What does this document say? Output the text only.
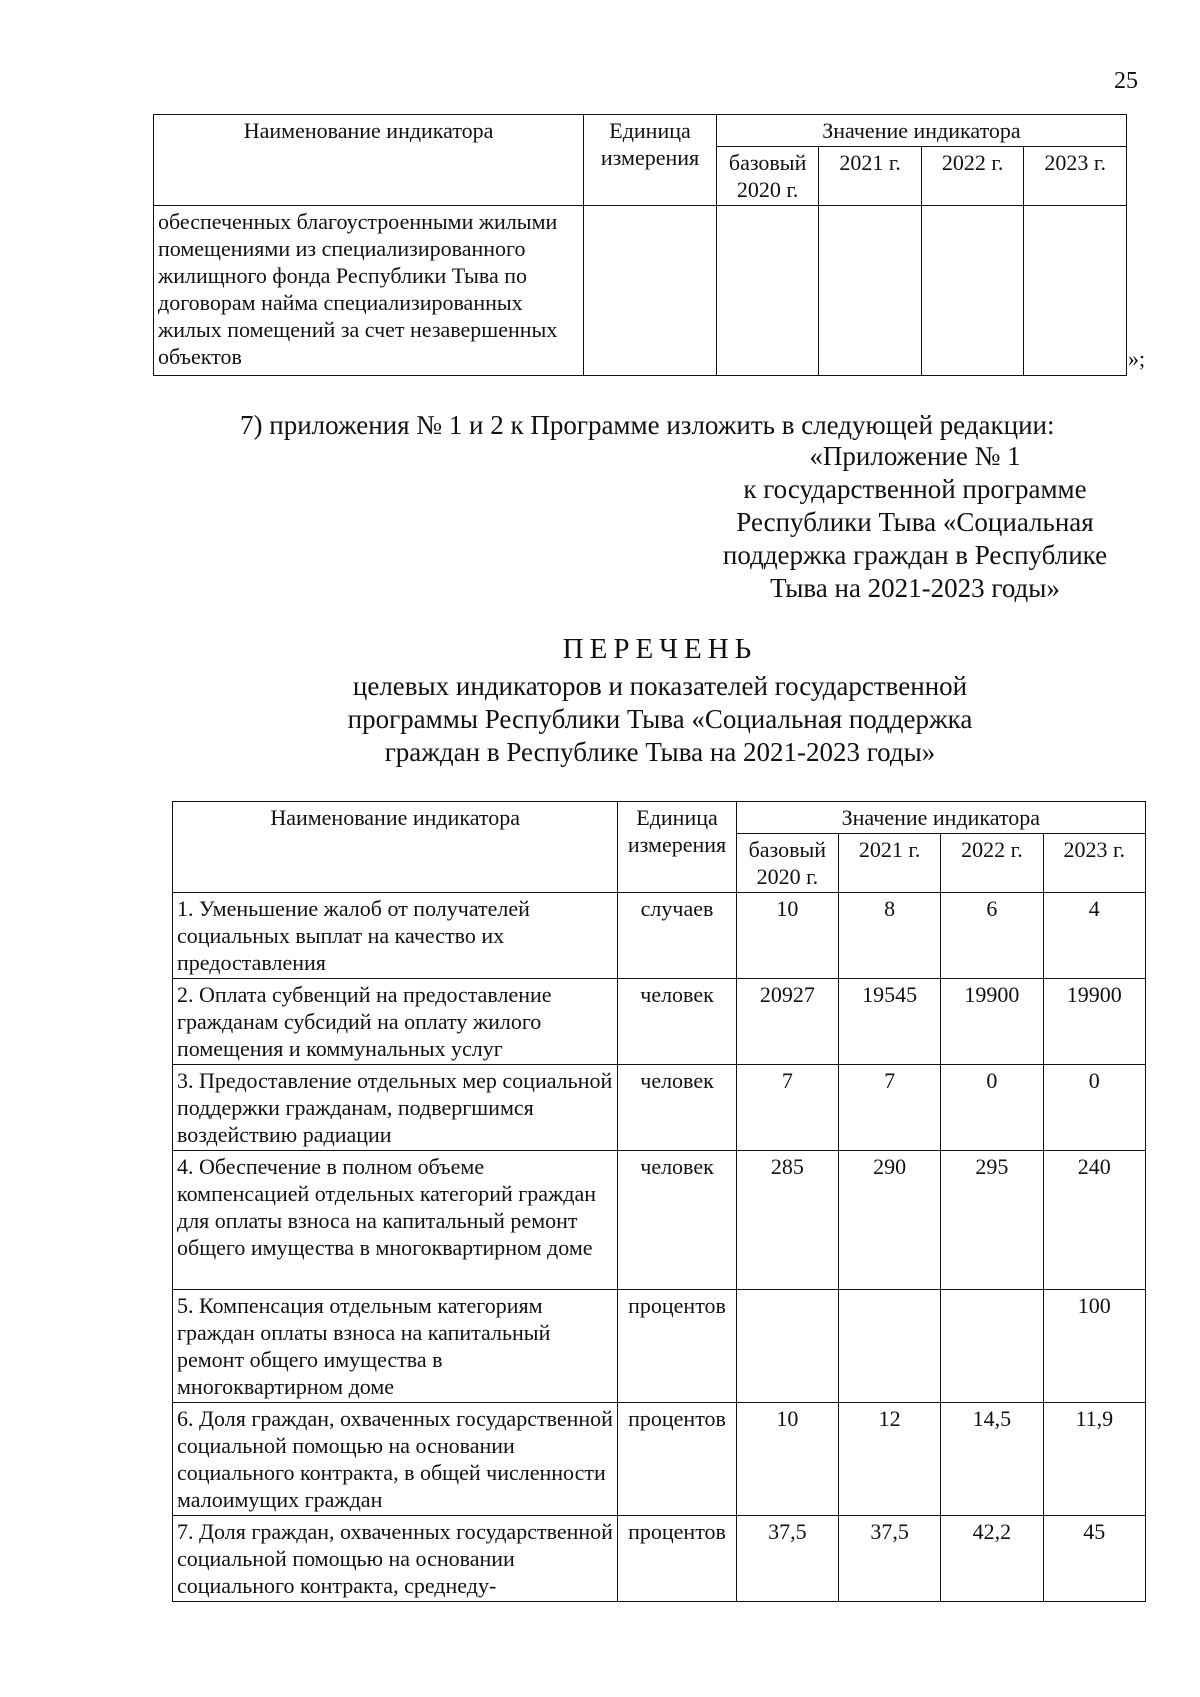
25
Наименование индикатора	Единица
измерения	Значение индикатора			
		базовый
2020 г.	2021 г.	2022 г.	2023 г.
обеспеченных благоустроенными жилыми помещениями из специализированного жилищного фонда Республики Тыва по договорам найма специализированных жилых помещений за счет незавершенных объектов						»;
7) приложения № 1 и 2 к Программе изложить в следующей редакции:
«Приложение № 1
к государственной программе
Республики Тыва «Социальная
поддержка граждан в Республике
Тыва на 2021-2023 годы»
ПЕРЕЧЕНЬ
целевых индикаторов и показателей государственной
программы Республики Тыва «Социальная поддержка
граждан в Республике Тыва на 2021-2023 годы»
Наименование индикатора	Единица
измерения	Значение индикатора			
		базовый
2020 г.	2021 г.	2022 г.	2023 г.
1. Уменьшение жалоб от получателей социальных выплат на качество их предоставления	случаев	10	8	6	4
2. Оплата субвенций на предоставление гражданам субсидий на оплату жилого помещения и коммунальных услуг	человек	20927	19545	19900	19900
3. Предоставление отдельных мер социальной поддержки гражданам, подвергшимся воздействию радиации	человек	7	7	0	0
4. Обеспечение в полном объеме компенсацией отдельных категорий граждан для оплаты взноса на капитальный ремонт общего имущества в многоквартирном доме	человек	285	290	295	240
5. Компенсация отдельным категориям граждан оплаты взноса на капитальный ремонт общего имущества в многоквартирном доме	процентов				100
6. Доля граждан, охваченных государственной социальной помощью на основании социального контракта, в общей численности малоимущих граждан	процентов	10	12	14,5	11,9
7. Доля граждан, охваченных государственной социальной помощью на основании социального контракта, среднеду-	процентов	37,5	37,5	42,2	45
